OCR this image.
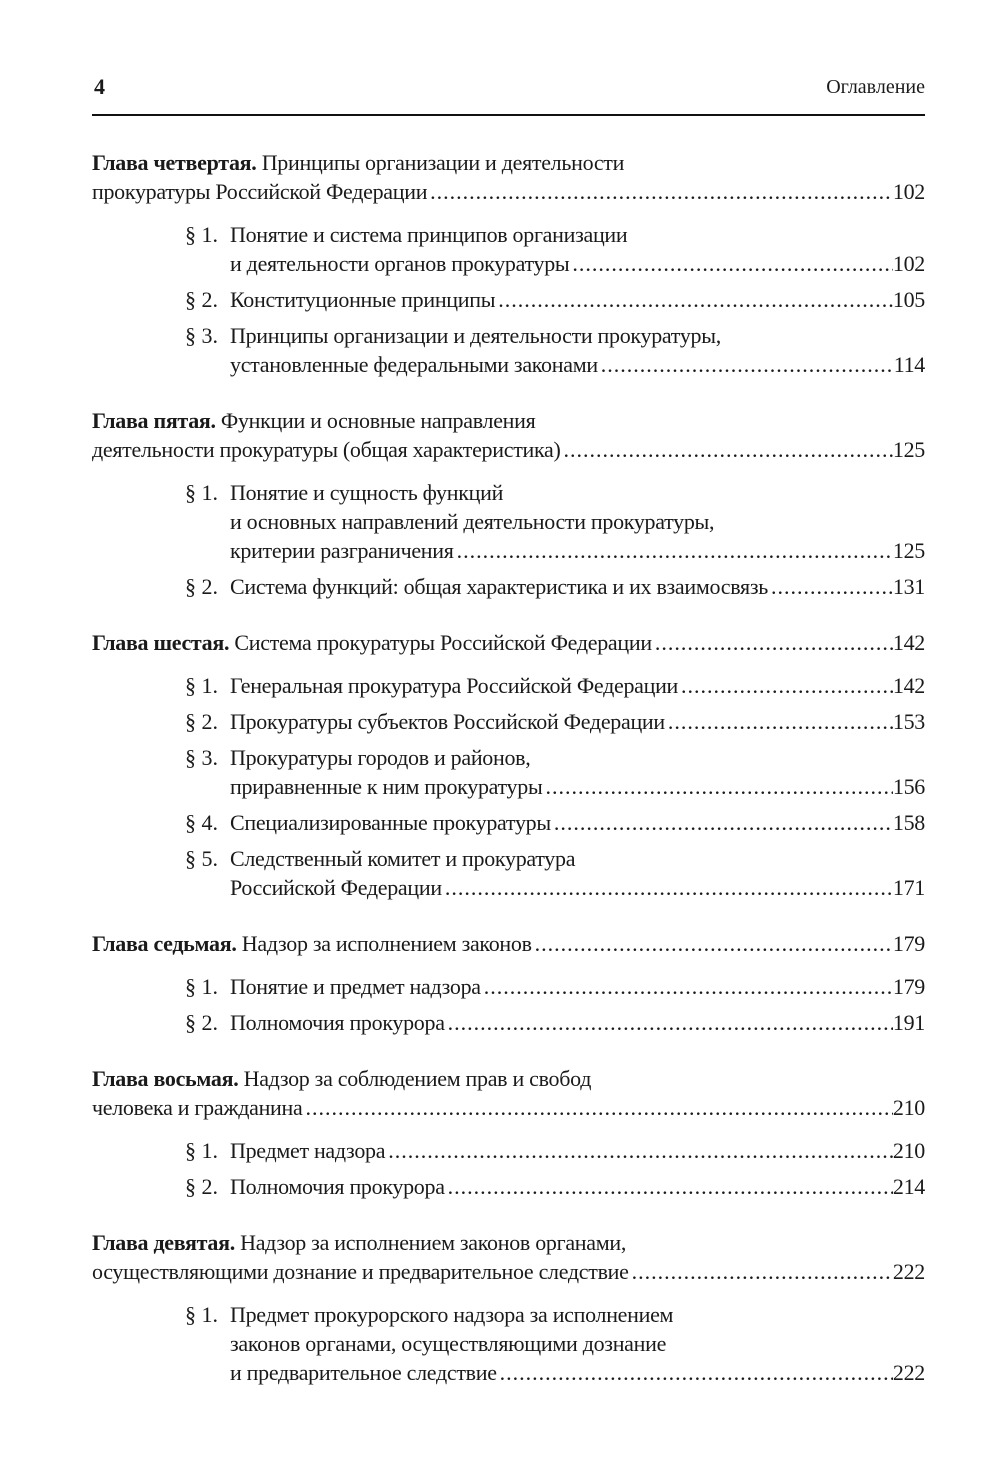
4	Оглавление
Глава четвертая. Принципы организации и деятельности
прокуратуры Российской Федерации .....	102
§ 1. Понятие и система принципов организации
и деятельности органов прокуратуры .....	102
§ 2. Конституционные принципы .....	105
§ 3. Принципы организации и деятельности прокуратуры,
установленные федеральными законами .....	114
Глава пятая. Функции и основные направления
деятельности прокуратуры (общая характеристика) .....	125
§ 1. Понятие и сущность функций
и основных направлений деятельности прокуратуры,
критерии разграничения .....	125
§ 2. Система функций: общая характеристика и их взаимосвязь .....	131
Глава шестая. Система прокуратуры Российской Федерации .....	142
§ 1. Генеральная прокуратура Российской Федерации .....	142
§ 2. Прокуратуры субъектов Российской Федерации .....	153
§ 3. Прокуратуры городов и районов,
приравненные к ним прокуратуры .....	156
§ 4. Специализированные прокуратуры .....	158
§ 5. Следственный комитет и прокуратура
Российской Федерации .....	171
Глава седьмая. Надзор за исполнением законов .....	179
§ 1. Понятие и предмет надзора .....	179
§ 2. Полномочия прокурора .....	191
Глава восьмая. Надзор за соблюдением прав и свобод
человека и гражданина .....	210
§ 1. Предмет надзора .....	210
§ 2. Полномочия прокурора .....	214
Глава девятая. Надзор за исполнением законов органами,
осуществляющими дознание и предварительное следствие .....	222
§ 1. Предмет прокурорского надзора за исполнением
законов органами, осуществляющими дознание
и предварительное следствие .....	222
